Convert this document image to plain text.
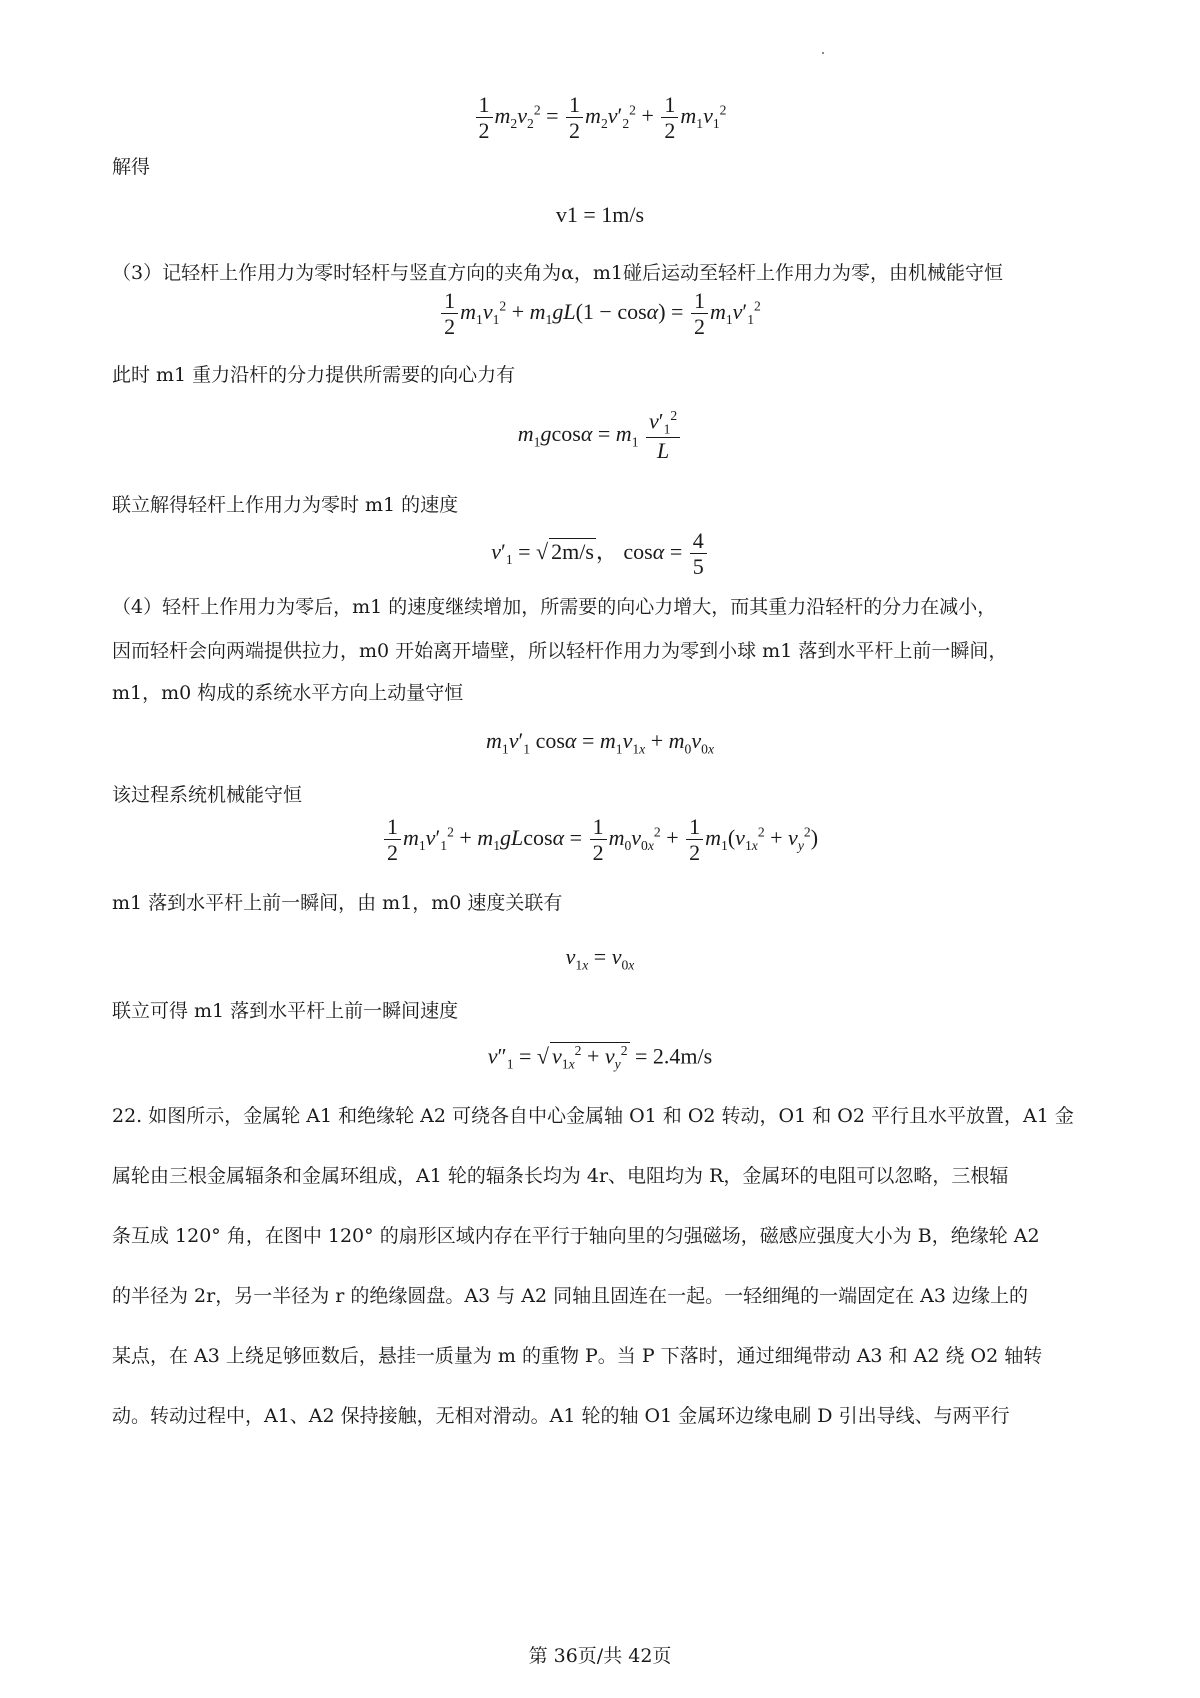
$\frac{1}{2} m_2v_2^2 = \frac{1}{2} m_2v'_2^2 + \frac{1}{2} m_1v_1^2$
解得
v1 = 1m/s
（3）记轻杆上作用力为零时轻杆与竖直方向的夹角为α，m1碰后运动至轻杆上作用力为零，由机械能守恒
$\frac{1}{2} m_1v_1^2 + m_1gL(1 - \cos\alpha) = \frac{1}{2} m_1v'_1^2$
此时 m1 重力沿杆的分力提供所需要的向心力有
$m_1gcos\alpha = m_1 \frac{v'_1^2}{L}$
联立解得轻杆上作用力为零时 m1 的速度
$v'_1$ = √ 2m/s， $\cos\alpha = \frac{4}{5}$
（4）轻杆上作用力为零后，m1 的速度继续增加，所需要的向心力增大，而其重力沿轻杆的分力在减小，
因而轻杆会向两端提供拉力，m0 开始离开墙壁，所以轻杆作用力为零到小球 m1 落到水平杆上前一瞬间，
m1，m0 构成的系统水平方向上动量守恒
$m_1v'_1$ $\cos\alpha = m_1v_{1x} + m_0v_{0x}$
该过程系统机械能守恒
$\frac{1}{2} m_1v'_1^2 + m_1gLcos\alpha = \frac{1}{2} m_0v_{0x}^2 + \frac{1}{2} m_1(v_{1x}^2 + v_y^2)$
m1 落到水平杆上前一瞬间，由 m1，m0 速度关联有
$v_{1x} = v_{0x}$
联立可得 m1 落到水平杆上前一瞬间速度
$v''_1$ = √ $v_{1x}^2 + v_y^2 = 2.4m/s$
22. 如图所示，金属轮 A1 和绝缘轮 A2 可绕各自中心金属轴 O1 和 O2 转动，O1 和 O2 平行且水平放置，A1 金
属轮由三根金属辐条和金属环组成，A1 轮的辐条长均为 4r、电阻均为 R，金属环的电阻可以忽略，三根辐
条互成 120° 角，在图中 120° 的扇形区域内存在平行于轴向里的匀强磁场，磁感应强度大小为 B，绝缘轮 A2
的半径为 2r，另一半径为 r 的绝缘圆盘。A3 与 A2 同轴且固连在一起。一轻细绳的一端固定在 A3 边缘上的
某点，在 A3 上绕足够匝数后，悬挂一质量为 m 的重物 P。当 P 下落时，通过细绳带动 A3 和 A2 绕 O2 轴转
动。转动过程中，A1、A2 保持接触，无相对滑动。A1 轮的轴 O1 金属环边缘电刷 D 引出导线、与两平行
第 36页/共 42页
